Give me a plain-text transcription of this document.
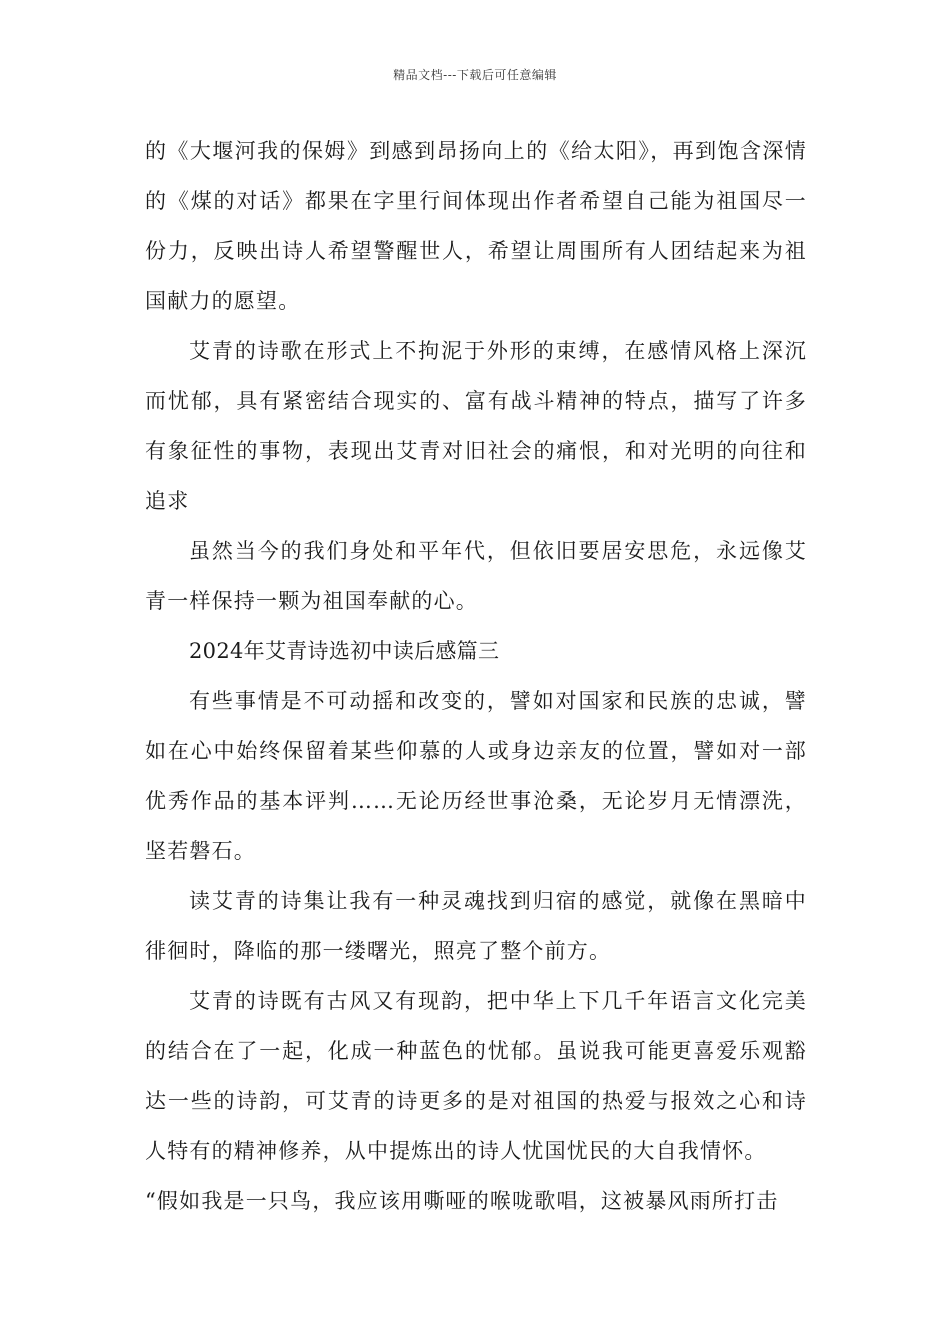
精品文档---下载后可任意编辑

的《大堰河我的保姆》到感到昂扬向上的《给太阳》，再到饱含深情的《煤的对话》都果在字里行间体现出作者希望自己能为祖国尽一份力，反映出诗人希望警醒世人，希望让周围所有人团结起来为祖国献力的愿望。

艾青的诗歌在形式上不拘泥于外形的束缚，在感情风格上深沉而忧郁，具有紧密结合现实的、富有战斗精神的特点，描写了许多有象征性的事物，表现出艾青对旧社会的痛恨，和对光明的向往和追求

虽然当今的我们身处和平年代，但依旧要居安思危，永远像艾青一样保持一颗为祖国奉献的心。

2024年艾青诗选初中读后感篇三

有些事情是不可动摇和改变的，譬如对国家和民族的忠诚，譬如在心中始终保留着某些仰慕的人或身边亲友的位置，譬如对一部优秀作品的基本评判……无论历经世事沧桑，无论岁月无情漂洗，坚若磐石。

读艾青的诗集让我有一种灵魂找到归宿的感觉，就像在黑暗中徘徊时，降临的那一缕曙光，照亮了整个前方。

艾青的诗既有古风又有现韵，把中华上下几千年语言文化完美的结合在了一起，化成一种蓝色的忧郁。虽说我可能更喜爱乐观豁达一些的诗韵，可艾青的诗更多的是对祖国的热爱与报效之心和诗人特有的精神修养，从中提炼出的诗人忧国忧民的大自我情怀。

“假如我是一只鸟，我应该用嘶哑的喉咙歌唱，这被暴风雨所打击
